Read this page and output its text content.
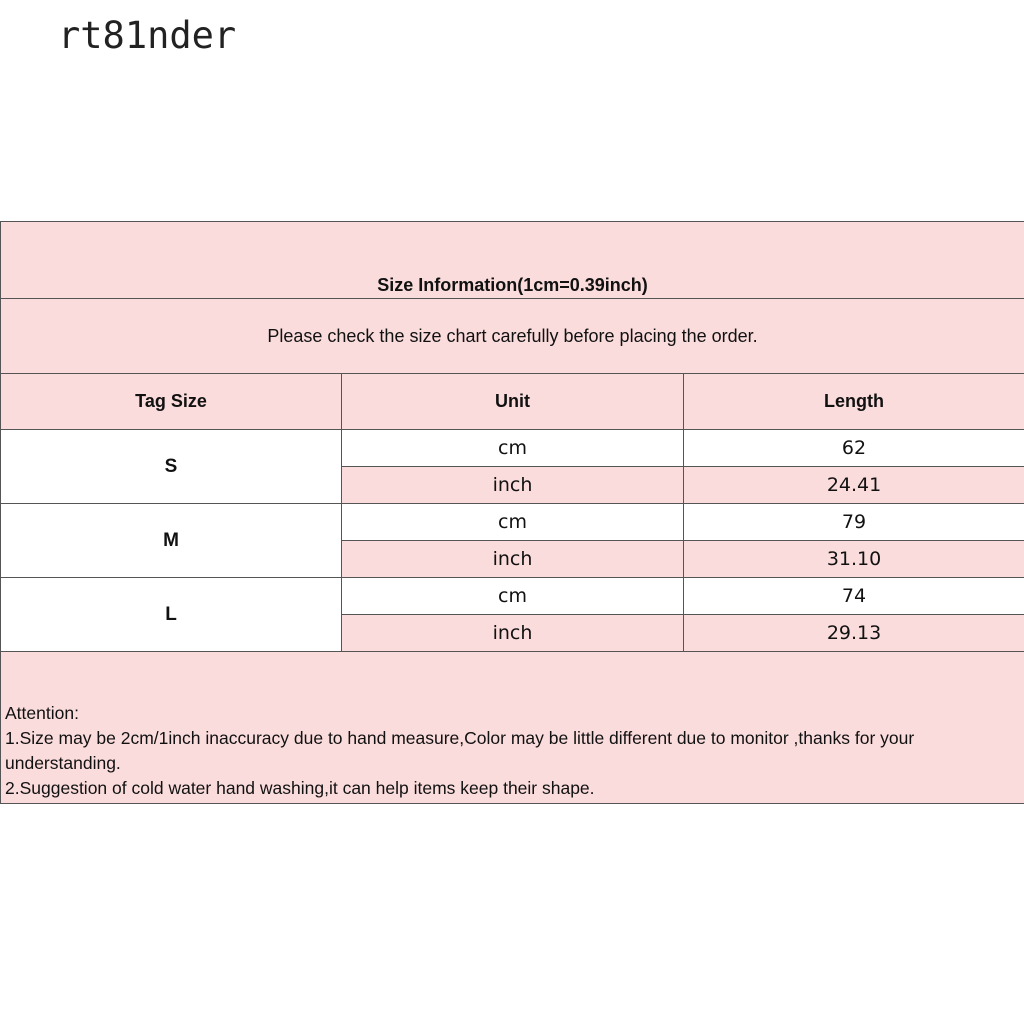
rt81nder
Size Information(1cm=0.39inch)		
Please check the size chart carefully before placing the order.		
Tag Size	Unit	Length
S	cm	62
	inch	24.41
M	cm	79
	inch	31.10
L	cm	74
	inch	29.13

Attention:
1.Size may be 2cm/1inch inaccuracy due to hand measure,Color may be little different due to monitor ,thanks for your understanding.
2.Suggestion of cold water hand washing,it can help items keep their shape.		
